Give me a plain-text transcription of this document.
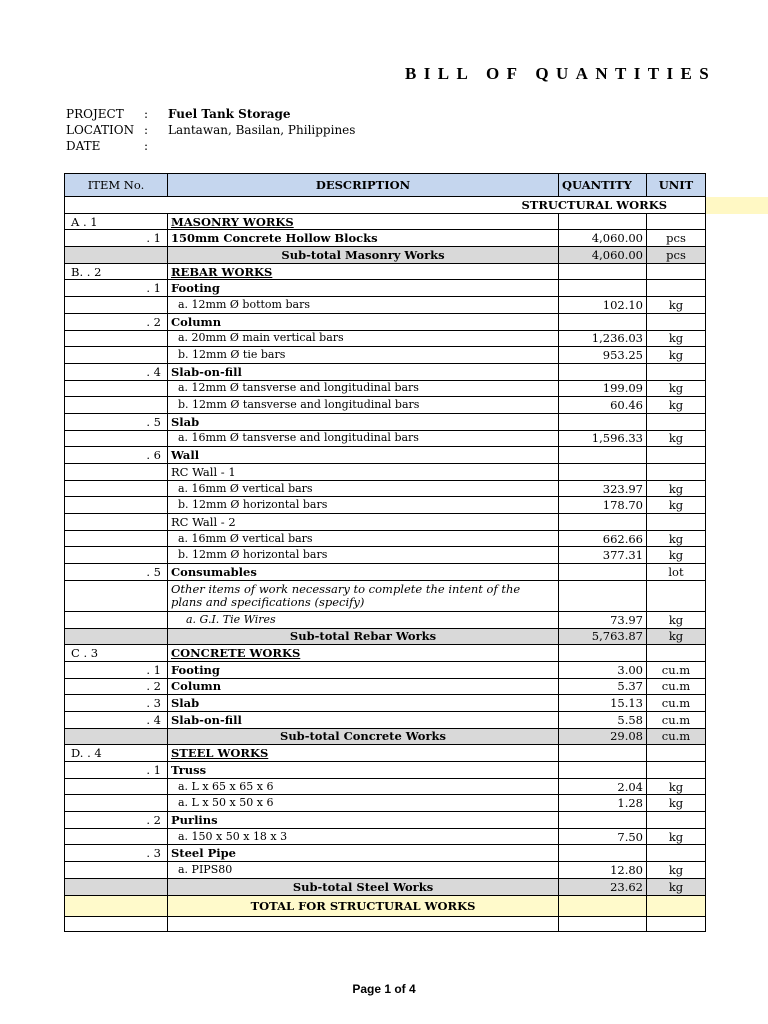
BILL OF QUANTITIES
PROJECT : Fuel Tank Storage
LOCATION : Lantawan, Basilan, Philippines
DATE	:
ITEM No.	DESCRIPTION	QUANTITY	UNIT
	STRUCTURAL WORKS		
A . 1	MASONRY WORKS		
. 1	150mm Concrete Hollow Blocks	4,060.00	pcs
	Sub-total Masonry Works	4,060.00	pcs
B. . 2	REBAR WORKS		
. 1	Footing		
	a. 12mm Ø bottom bars	102.10	kg
. 2	Column		
	a. 20mm Ø main vertical bars	1,236.03	kg
	b. 12mm Ø tie bars	953.25	kg
. 4	Slab-on-fill		
	a. 12mm Ø tansverse and longitudinal bars	199.09	kg
	b. 12mm Ø tansverse and longitudinal bars	60.46	kg
. 5	Slab		
	a. 16mm Ø tansverse and longitudinal bars	1,596.33	kg
. 6	Wall		
	RC Wall - 1		
	a. 16mm Ø vertical bars	323.97	kg
	b. 12mm Ø horizontal bars	178.70	kg
	RC Wall - 2		
	a. 16mm Ø vertical bars	662.66	kg
	b. 12mm Ø horizontal bars	377.31	kg
. 5	Consumables		lot
	Other items of work necessary to complete the intent of the plans and specifications (specify)		
	a. G.I. Tie Wires	73.97	kg
	Sub-total Rebar Works	5,763.87	kg
C . 3	CONCRETE WORKS		
. 1	Footing	3.00	cu.m
. 2	Column	5.37	cu.m
. 3	Slab	15.13	cu.m
. 4	Slab-on-fill	5.58	cu.m
	Sub-total Concrete Works	29.08	cu.m
D. . 4	STEEL WORKS		
. 1	Truss		
	a. L x 65 x 65 x 6	2.04	kg
	a. L x 50 x 50 x 6	1.28	kg
. 2	Purlins		
	a. 150 x 50 x 18 x 3	7.50	kg
. 3	Steel Pipe		
	a. PIPS80	12.80	kg
	Sub-total Steel Works	23.62	kg
	TOTAL FOR STRUCTURAL WORKS		

Page 1 of 4
